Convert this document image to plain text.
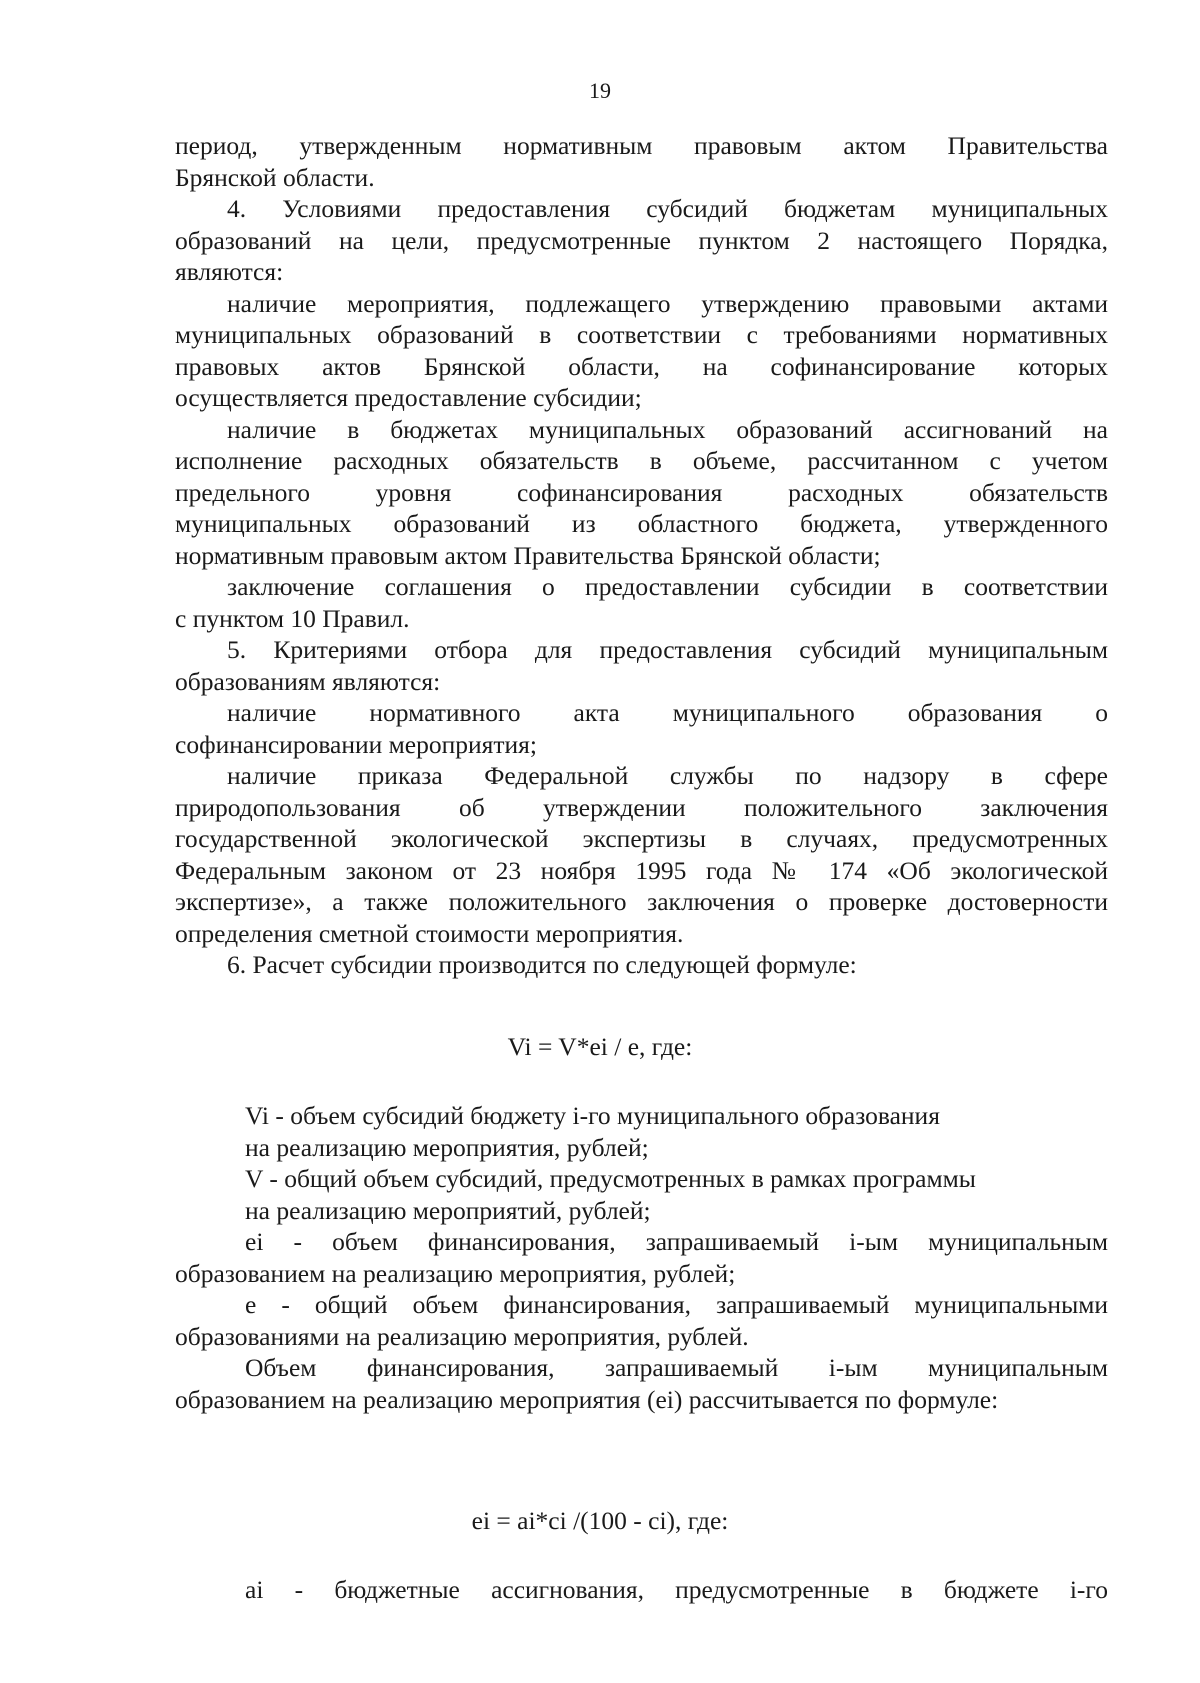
19
период, утвержденным нормативным правовым актом Правительства
Брянской области.
4. Условиями предоставления субсидий бюджетам муниципальных
образований на цели, предусмотренные пунктом 2 настоящего Порядка,
являются:
наличие мероприятия, подлежащего утверждению правовыми актами
муниципальных образований в соответствии с требованиями нормативных
правовых актов Брянской области, на софинансирование которых
осуществляется предоставление субсидии;
наличие в бюджетах муниципальных образований ассигнований на
исполнение расходных обязательств в объеме, рассчитанном с учетом
предельного уровня софинансирования расходных обязательств
муниципальных образований из областного бюджета, утвержденного
нормативным правовым актом Правительства Брянской области;
заключение соглашения о предоставлении субсидии в соответствии
с пунктом 10 Правил.
5. Критериями отбора для предоставления субсидий муниципальным
образованиям являются:
наличие нормативного акта муниципального образования о
софинансировании мероприятия;
наличие приказа Федеральной службы по надзору в сфере
природопользования об утверждении положительного заключения
государственной экологической экспертизы в случаях, предусмотренных
Федеральным законом от 23 ноября 1995 года № 174 «Об экологической
экспертизе», а также положительного заключения о проверке достоверности
определения сметной стоимости мероприятия.
6. Расчет субсидии производится по следующей формуле:
Vi = V*ei / e, где:

Vi - объем субсидий бюджету i-го муниципального образования

на реализацию мероприятия, рублей;

V - общий объем субсидий, предусмотренных в рамках программы

на реализацию мероприятий, рублей;

ei - объем финансирования, запрашиваемый i-ым муниципальным

образованием на реализацию мероприятия, рублей;

e - общий объем финансирования, запрашиваемый муниципальными

образованиями на реализацию мероприятия, рублей.

Объем финансирования, запрашиваемый i-ым муниципальным

образованием на реализацию мероприятия (ei) рассчитывается по формуле:

ei = ai*ci /(100 - ci), где:
ai - бюджетные ассигнования, предусмотренные в бюджете i-го
